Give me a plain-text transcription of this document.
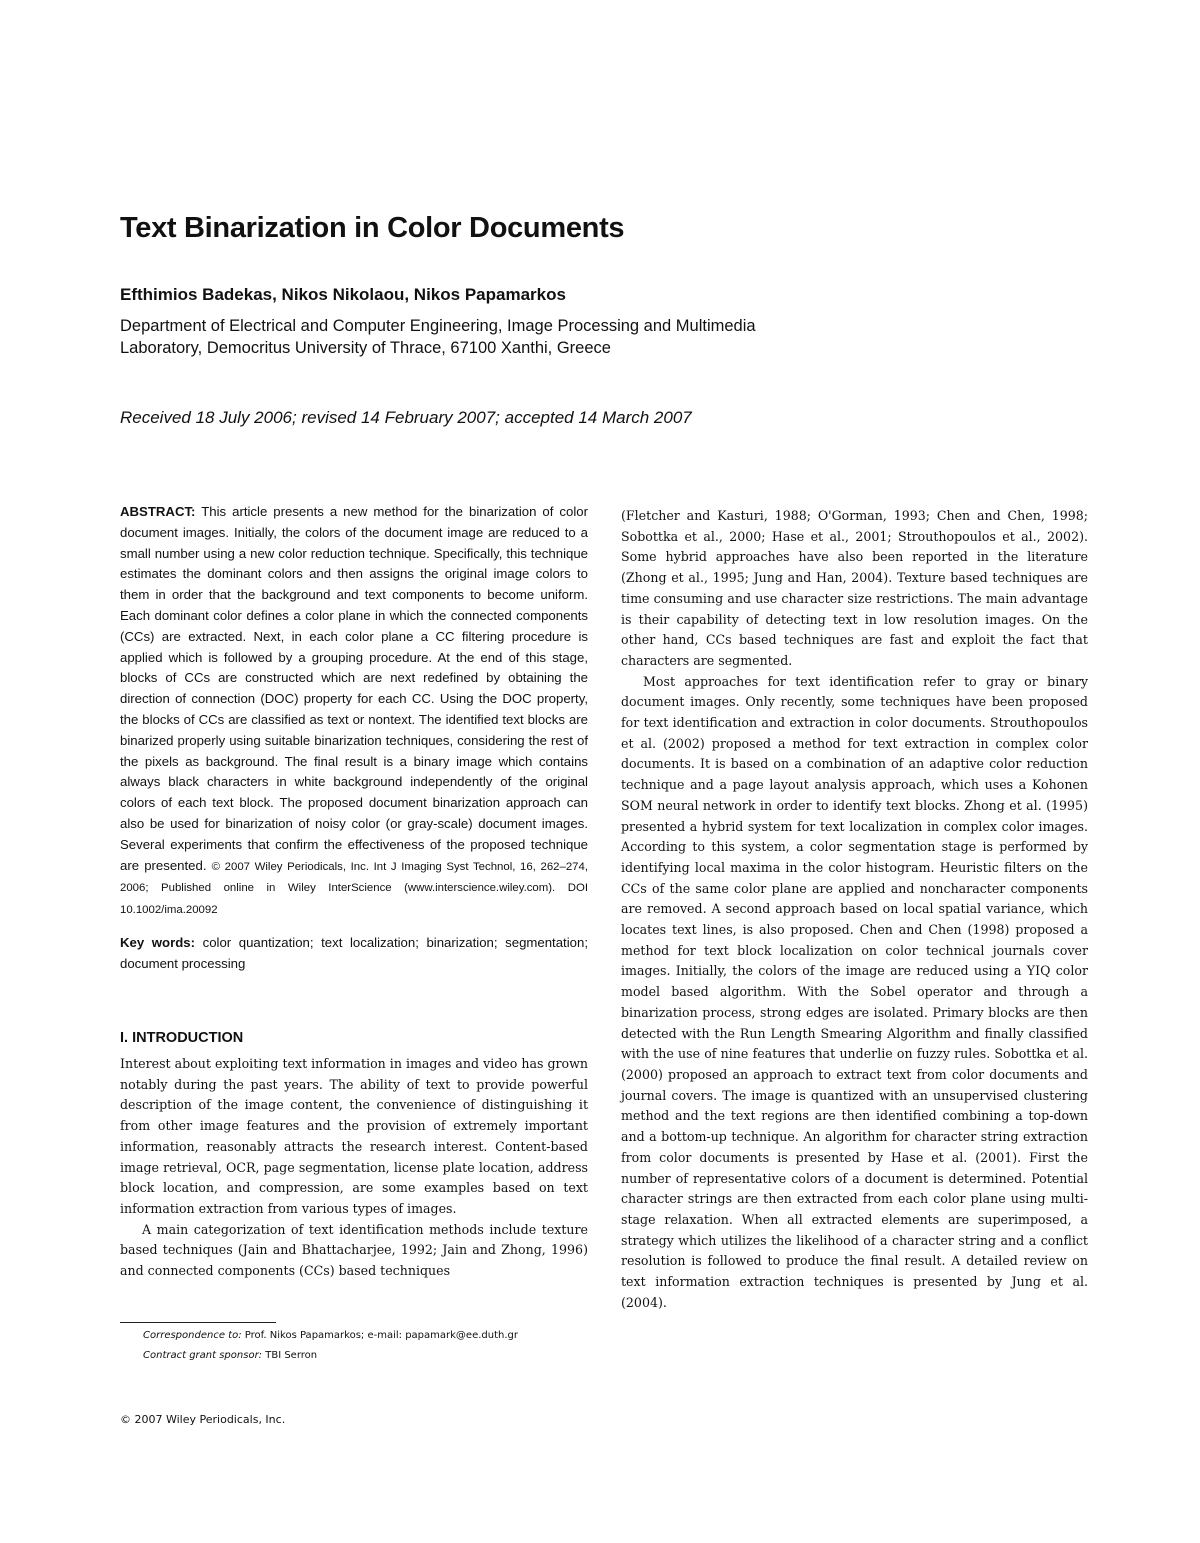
Text Binarization in Color Documents
Efthimios Badekas, Nikos Nikolaou, Nikos Papamarkos
Department of Electrical and Computer Engineering, Image Processing and Multimedia
Laboratory, Democritus University of Thrace, 67100 Xanthi, Greece
Received 18 July 2006; revised 14 February 2007; accepted 14 March 2007

ABSTRACT: This article presents a new method for the binarization of color document images. Initially, the colors of the document image are reduced to a small number using a new color reduction technique. Specifically, this technique estimates the dominant colors and then assigns the original image colors to them in order that the background and text components to become uniform. Each dominant color defines a color plane in which the connected components (CCs) are extracted. Next, in each color plane a CC filtering procedure is applied which is followed by a grouping procedure. At the end of this stage, blocks of CCs are constructed which are next redefined by obtaining the direction of connection (DOC) property for each CC. Using the DOC property, the blocks of CCs are classified as text or nontext. The identified text blocks are binarized properly using suitable binarization techniques, considering the rest of the pixels as background. The final result is a binary image which contains always black characters in white background independently of the original colors of each text block. The proposed document binarization approach can also be used for binarization of noisy color (or gray-scale) document images. Several experiments that confirm the effectiveness of the proposed technique are presented. © 2007 Wiley Periodicals, Inc. Int J Imaging Syst Technol, 16, 262–274, 2006; Published online in Wiley InterScience (www.interscience.wiley.com). DOI 10.1002/ima.20092

Key words: color quantization; text localization; binarization; segmentation; document processing

I. INTRODUCTION

Interest about exploiting text information in images and video has grown notably during the past years. The ability of text to provide powerful description of the image content, the convenience of distinguishing it from other image features and the provision of extremely important information, reasonably attracts the research interest. Content-based image retrieval, OCR, page segmentation, license plate location, address block location, and compression, are some examples based on text information extraction from various types of images.

A main categorization of text identification methods include texture based techniques (Jain and Bhattacharjee, 1992; Jain and Zhong, 1996) and connected components (CCs) based techniques

Correspondence to: Prof. Nikos Papamarkos; e-mail: papamark@ee.duth.gr
Contract grant sponsor: TBI Serron
© 2007 Wiley Periodicals, Inc.

(Fletcher and Kasturi, 1988; O'Gorman, 1993; Chen and Chen, 1998; Sobottka et al., 2000; Hase et al., 2001; Strouthopoulos et al., 2002). Some hybrid approaches have also been reported in the literature (Zhong et al., 1995; Jung and Han, 2004). Texture based techniques are time consuming and use character size restrictions. The main advantage is their capability of detecting text in low resolution images. On the other hand, CCs based techniques are fast and exploit the fact that characters are segmented.

Most approaches for text identification refer to gray or binary document images. Only recently, some techniques have been proposed for text identification and extraction in color documents. Strouthopoulos et al. (2002) proposed a method for text extraction in complex color documents. It is based on a combination of an adaptive color reduction technique and a page layout analysis approach, which uses a Kohonen SOM neural network in order to identify text blocks. Zhong et al. (1995) presented a hybrid system for text localization in complex color images. According to this system, a color segmentation stage is performed by identifying local maxima in the color histogram. Heuristic filters on the CCs of the same color plane are applied and noncharacter components are removed. A second approach based on local spatial variance, which locates text lines, is also proposed. Chen and Chen (1998) proposed a method for text block localization on color technical journals cover images. Initially, the colors of the image are reduced using a YIQ color model based algorithm. With the Sobel operator and through a binarization process, strong edges are isolated. Primary blocks are then detected with the Run Length Smearing Algorithm and finally classified with the use of nine features that underlie on fuzzy rules. Sobottka et al. (2000) proposed an approach to extract text from color documents and journal covers. The image is quantized with an unsupervised clustering method and the text regions are then identified combining a top-down and a bottom-up technique. An algorithm for character string extraction from color documents is presented by Hase et al. (2001). First the number of representative colors of a document is determined. Potential character strings are then extracted from each color plane using multi-stage relaxation. When all extracted elements are superimposed, a strategy which utilizes the likelihood of a character string and a conflict resolution is followed to produce the final result. A detailed review on text information extraction techniques is presented by Jung et al. (2004).
